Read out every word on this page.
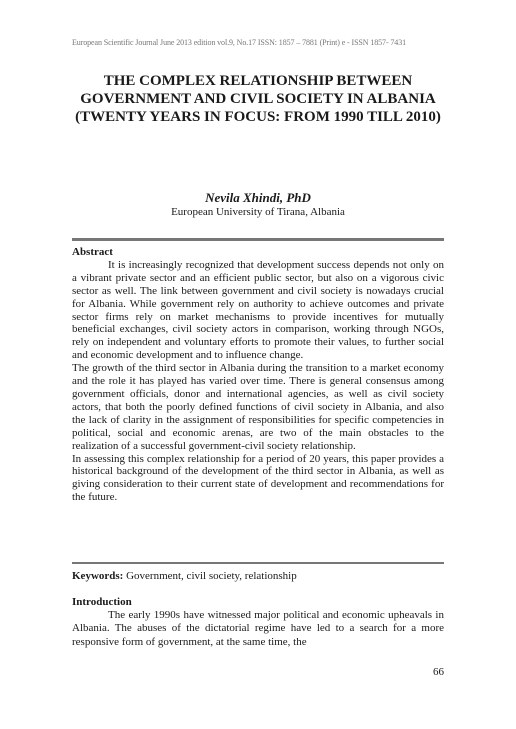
European Scientific Journal June 2013 edition vol.9, No.17 ISSN: 1857 – 7881 (Print) e - ISSN 1857- 7431
THE COMPLEX RELATIONSHIP BETWEEN GOVERNMENT AND CIVIL SOCIETY IN ALBANIA (TWENTY YEARS IN FOCUS: FROM 1990 TILL 2010)
Nevila Xhindi, PhD
European University of Tirana, Albania
Abstract

It is increasingly recognized that development success depends not only on a vibrant private sector and an efficient public sector, but also on a vigorous civic sector as well. The link between government and civil society is nowadays crucial for Albania. While government rely on authority to achieve outcomes and private sector firms rely on market mechanisms to provide incentives for mutually beneficial exchanges, civil society actors in comparison, working through NGOs, rely on independent and voluntary efforts to promote their values, to further social and economic development and to influence change.

The growth of the third sector in Albania during the transition to a market economy and the role it has played has varied over time. There is general consensus among government officials, donor and international agencies, as well as civil society actors, that both the poorly defined functions of civil society in Albania, and also the lack of clarity in the assignment of responsibilities for specific competencies in political, social and economic arenas, are two of the main obstacles to the realization of a successful government-civil society relationship.

In assessing this complex relationship for a period of 20 years, this paper provides a historical background of the development of the third sector in Albania, as well as giving consideration to their current state of development and recommendations for the future.

Keywords: Government, civil society, relationship
Introduction

The early 1990s have witnessed major political and economic upheavals in Albania. The abuses of the dictatorial regime have led to a search for a more responsive form of government, at the same time, the

66
